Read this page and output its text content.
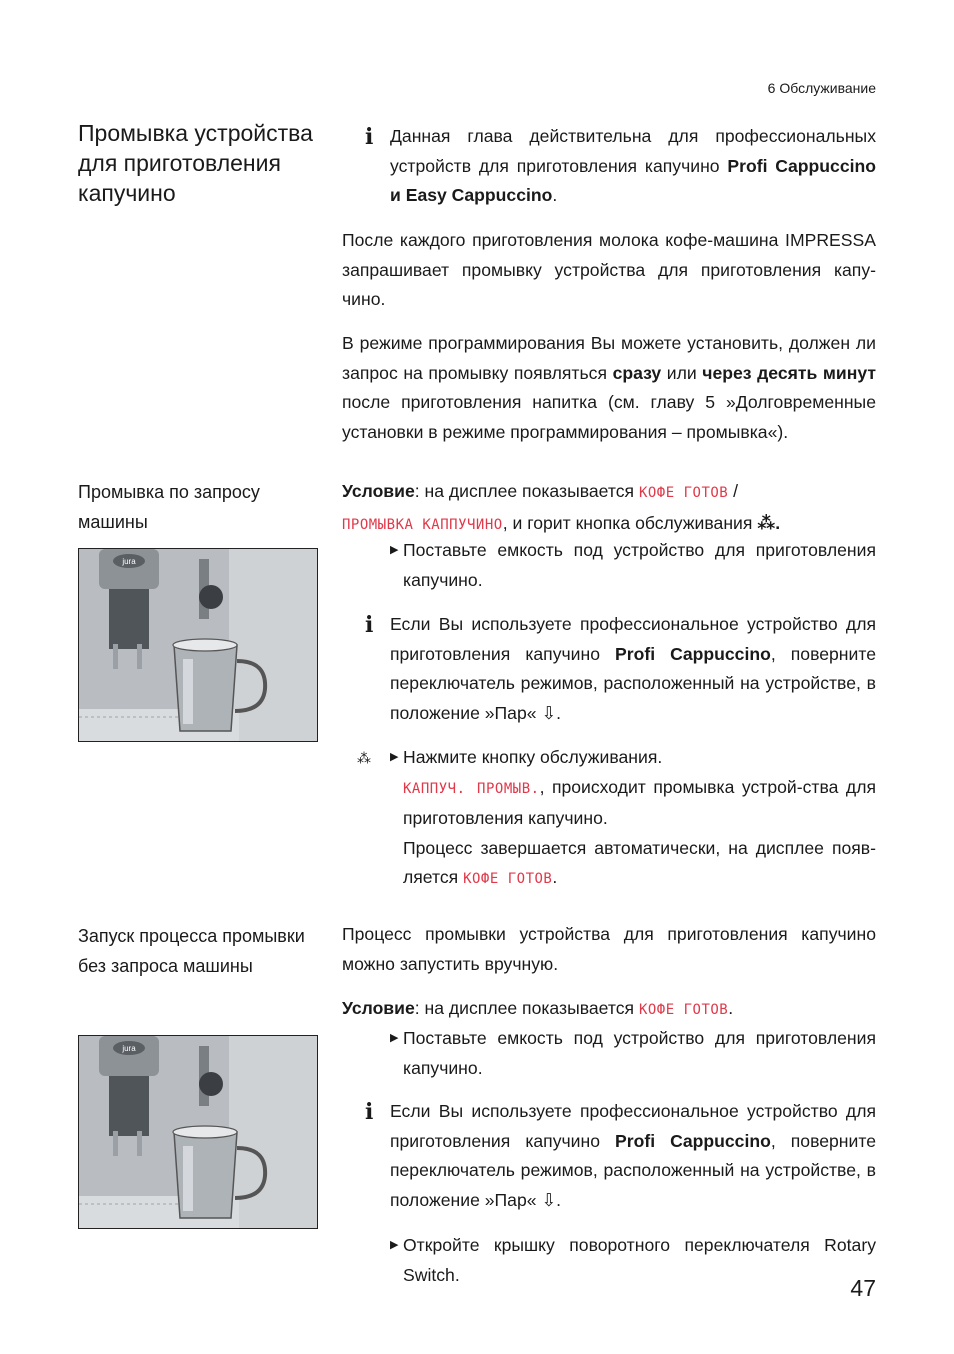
6 Обслуживание
Промывка устройства для приготовления капучино
i Данная глава действительна для профессиональных устройств для приготовления капучино Profi Cappuccino и Easy Cappuccino.
После каждого приготовления молока кофе-машина IMPRESSA запрашивает промывку устройства для приготовления капу-чино.
В режиме программирования Вы можете установить, должен ли запрос на промывку появляться сразу или через десять минут после приготовления напитка (см. главу 5 »Долговременные установки в режиме программирования – промывка«).
Промывка по запросу машины
jura
Условие: на дисплее показывается КОФЕ ГОТОВ /
ПРОМЫВКА КАППУЧИНО, и горит кнопка обслуживания ⁂.
▶ Поставьте емкость под устройство для приготовления капучино.
i Если Вы используете профессиональное устройство для приготовления капучино Profi Cappuccino, поверните переключатель режимов, расположенный на устройстве, в положение »Пар« ⇩.
⁂ ▶ Нажмите кнопку обслуживания.
КАППУЧ. ПРОМЫВ., происходит промывка устрой-ства для приготовления капучино.
Процесс завершается автоматически, на дисплее появ-ляется КОФЕ ГОТОВ.
Запуск процесса промывки без запроса машины
jura
Процесс промывки устройства для приготовления капучино можно запустить вручную.
Условие: на дисплее показывается КОФЕ ГОТОВ.
▶ Поставьте емкость под устройство для приготовления капучино.
i Если Вы используете профессиональное устройство для приготовления капучино Profi Cappuccino, поверните переключатель режимов, расположенный на устройстве, в положение »Пар« ⇩.
▶ Откройте крышку поворотного переключателя Rotary Switch.
47
